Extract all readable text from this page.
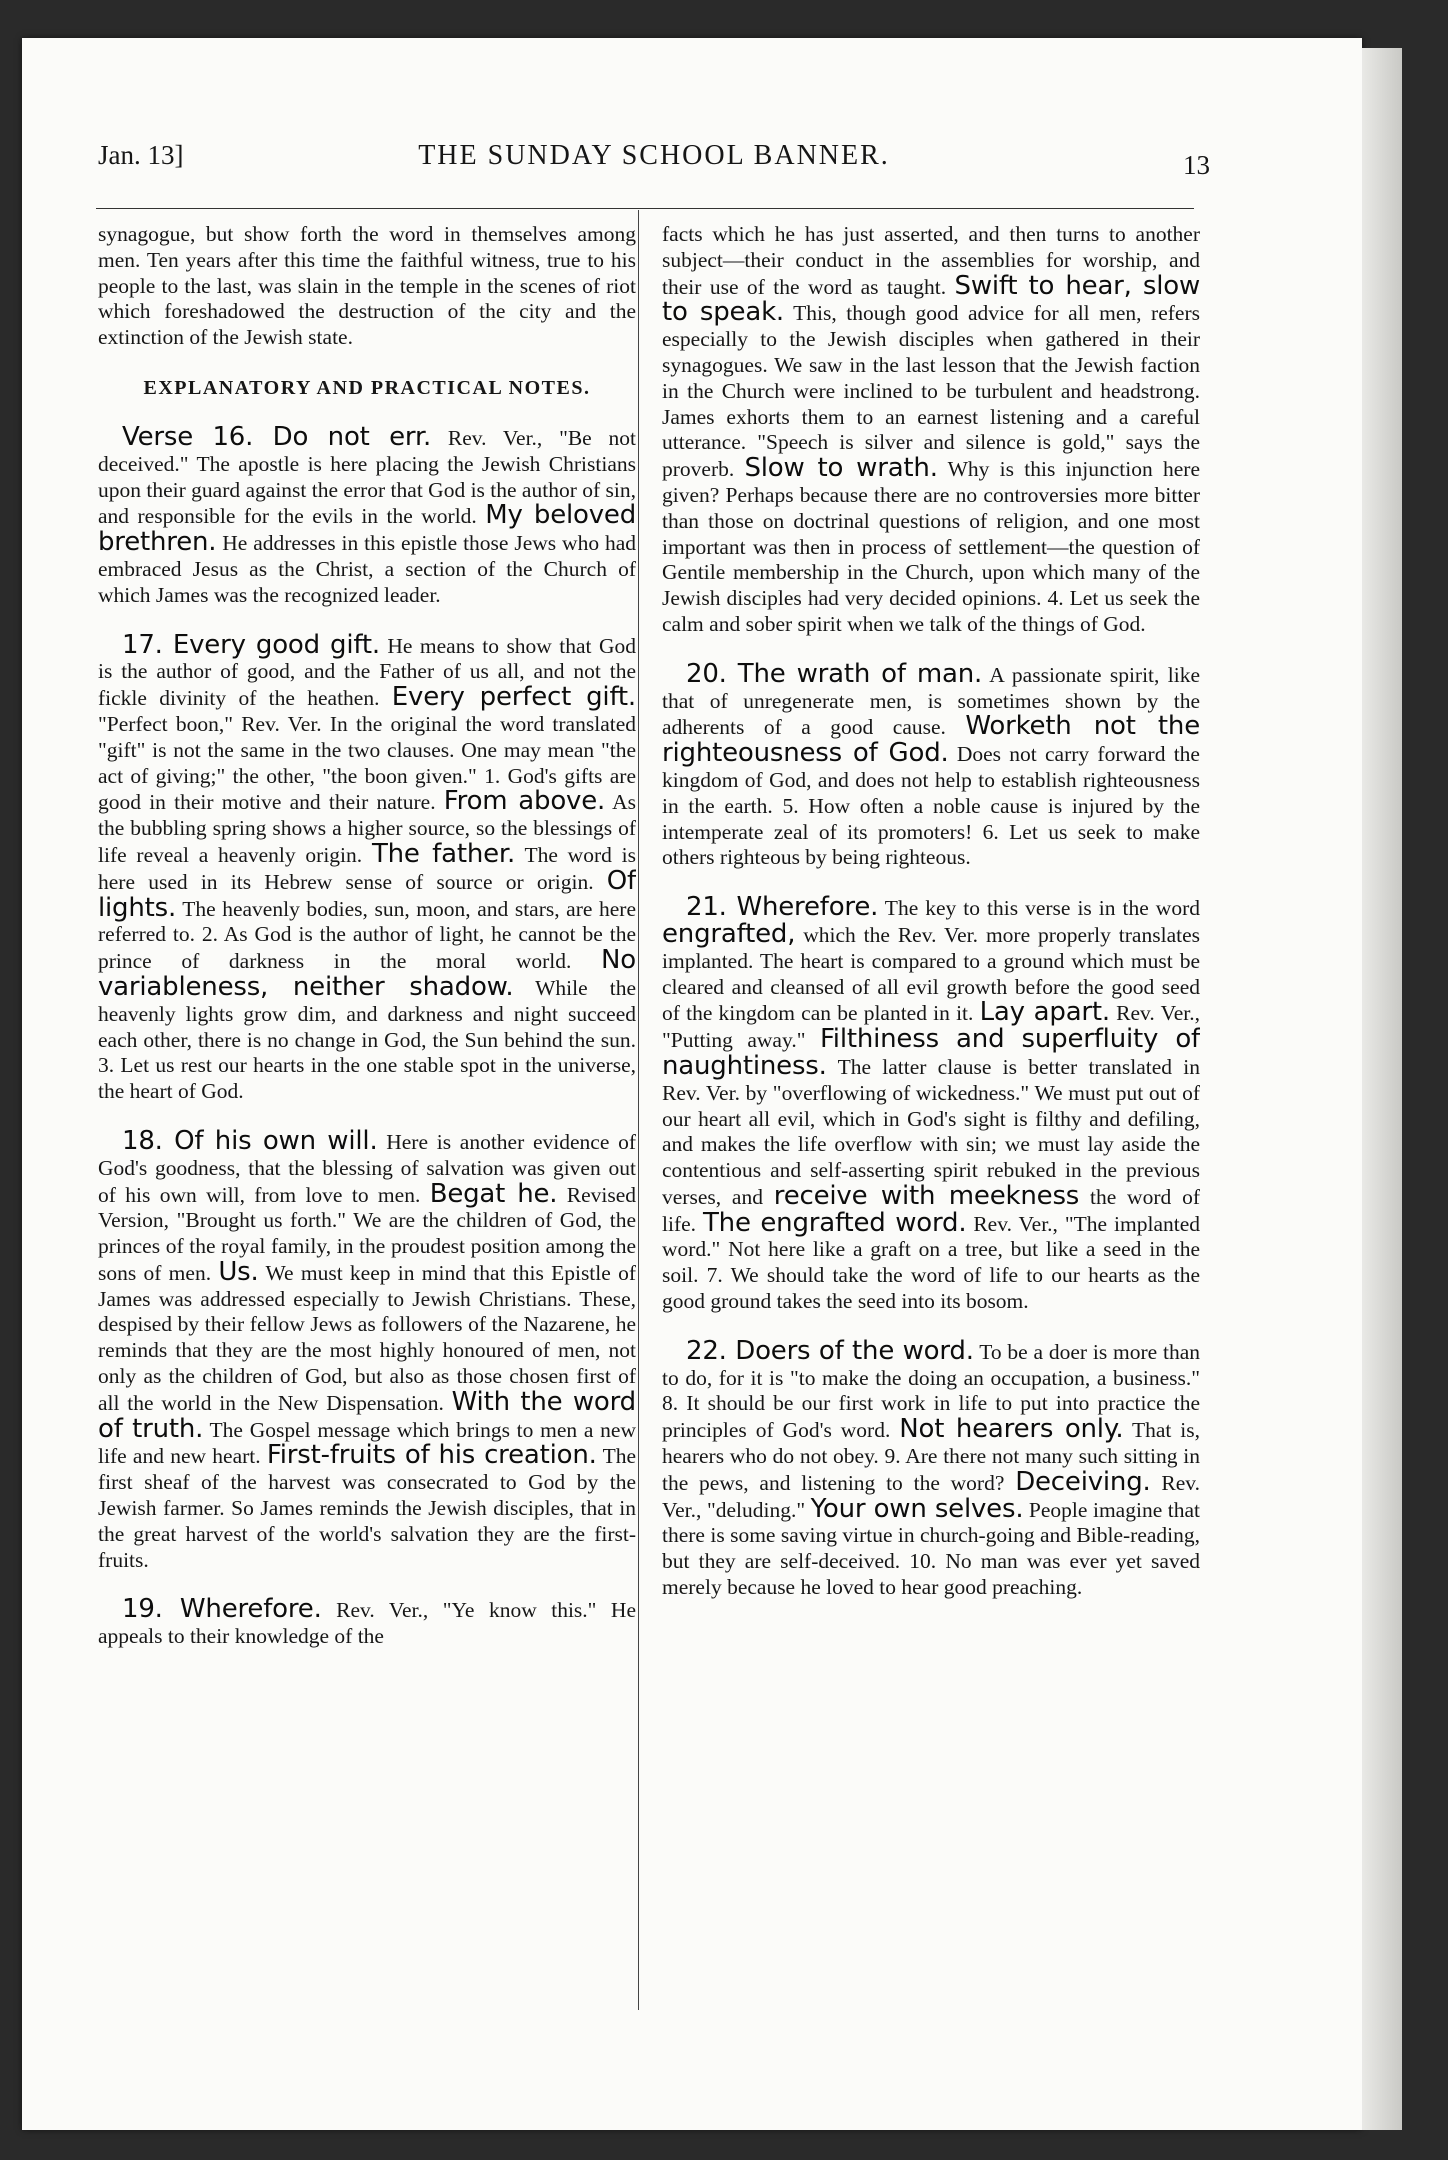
Jan. 13]	THE SUNDAY SCHOOL BANNER.	13

synagogue, but show forth the word in themselves among men. Ten years after this time the faithful witness, true to his people to the last, was slain in the temple in the scenes of riot which foreshadowed the destruction of the city and the extinction of the Jewish state.

EXPLANATORY AND PRACTICAL NOTES.

Verse 16. Do not err. Rev. Ver., "Be not deceived." The apostle is here placing the Jewish Christians upon their guard against the error that God is the author of sin, and responsible for the evils in the world. My beloved brethren. He addresses in this epistle those Jews who had embraced Jesus as the Christ, a section of the Church of which James was the recognized leader.

17. Every good gift. He means to show that God is the author of good, and the Father of us all, and not the fickle divinity of the heathen. Every perfect gift. "Perfect boon," Rev. Ver. In the original the word translated "gift" is not the same in the two clauses. One may mean "the act of giving;" the other, "the boon given." 1. God's gifts are good in their motive and their nature. From above. As the bubbling spring shows a higher source, so the blessings of life reveal a heavenly origin. The father. The word is here used in its Hebrew sense of source or origin. Of lights. The heavenly bodies, sun, moon, and stars, are here referred to. 2. As God is the author of light, he cannot be the prince of darkness in the moral world. No variableness, neither shadow. While the heavenly lights grow dim, and darkness and night succeed each other, there is no change in God, the Sun behind the sun. 3. Let us rest our hearts in the one stable spot in the universe, the heart of God.

18. Of his own will. Here is another evidence of God's goodness, that the blessing of salvation was given out of his own will, from love to men. Begat he. Revised Version, "Brought us forth." We are the children of God, the princes of the royal family, in the proudest position among the sons of men. Us. We must keep in mind that this Epistle of James was addressed especially to Jewish Christians. These, despised by their fellow Jews as followers of the Nazarene, he reminds that they are the most highly honoured of men, not only as the children of God, but also as those chosen first of all the world in the New Dispensation. With the word of truth. The Gospel message which brings to men a new life and new heart. First-fruits of his creation. The first sheaf of the harvest was consecrated to God by the Jewish farmer. So James reminds the Jewish disciples, that in the great harvest of the world's salvation they are the first-fruits.

19. Wherefore. Rev. Ver., "Ye know this." He appeals to their knowledge of the

facts which he has just asserted, and then turns to another subject—their conduct in the assemblies for worship, and their use of the word as taught. Swift to hear, slow to speak. This, though good advice for all men, refers especially to the Jewish disciples when gathered in their synagogues. We saw in the last lesson that the Jewish faction in the Church were inclined to be turbulent and headstrong. James exhorts them to an earnest listening and a careful utterance. "Speech is silver and silence is gold," says the proverb. Slow to wrath. Why is this injunction here given? Perhaps because there are no controversies more bitter than those on doctrinal questions of religion, and one most important was then in process of settlement—the question of Gentile membership in the Church, upon which many of the Jewish disciples had very decided opinions. 4. Let us seek the calm and sober spirit when we talk of the things of God.

20. The wrath of man. A passionate spirit, like that of unregenerate men, is sometimes shown by the adherents of a good cause. Worketh not the righteousness of God. Does not carry forward the kingdom of God, and does not help to establish righteousness in the earth. 5. How often a noble cause is injured by the intemperate zeal of its promoters! 6. Let us seek to make others righteous by being righteous.

21. Wherefore. The key to this verse is in the word engrafted, which the Rev. Ver. more properly translates implanted. The heart is compared to a ground which must be cleared and cleansed of all evil growth before the good seed of the kingdom can be planted in it. Lay apart. Rev. Ver., "Putting away." Filthiness and superfluity of naughtiness. The latter clause is better translated in Rev. Ver. by "overflowing of wickedness." We must put out of our heart all evil, which in God's sight is filthy and defiling, and makes the life overflow with sin; we must lay aside the contentious and self-asserting spirit rebuked in the previous verses, and receive with meekness the word of life. The engrafted word. Rev. Ver., "The implanted word." Not here like a graft on a tree, but like a seed in the soil. 7. We should take the word of life to our hearts as the good ground takes the seed into its bosom.

22. Doers of the word. To be a doer is more than to do, for it is "to make the doing an occupation, a business." 8. It should be our first work in life to put into practice the principles of God's word. Not hearers only. That is, hearers who do not obey. 9. Are there not many such sitting in the pews, and listening to the word? Deceiving. Rev. Ver., "deluding." Your own selves. People imagine that there is some saving virtue in church-going and Bible-reading, but they are self-deceived. 10. No man was ever yet saved merely because he loved to hear good preaching.
